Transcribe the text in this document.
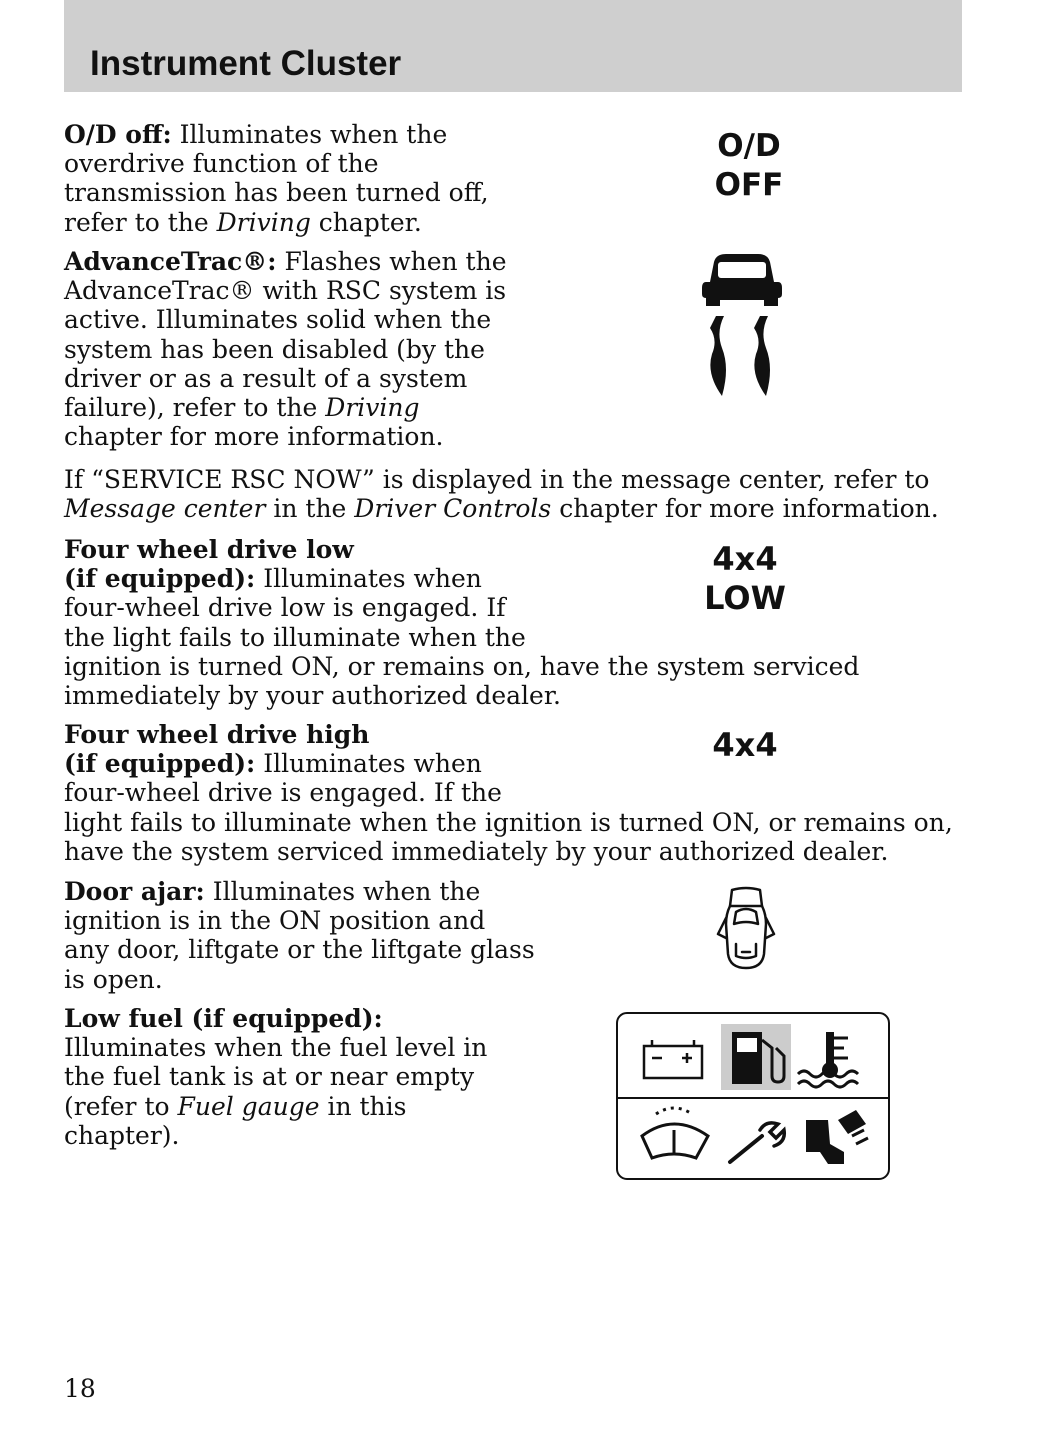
Instrument Cluster
O/D off: Illuminates when the
overdrive function of the
transmission has been turned off,
refer to the Driving chapter.
O/D
OFF
AdvanceTrac®: Flashes when the
AdvanceTrac® with RSC system is
active. Illuminates solid when the
system has been disabled (by the
driver or as a result of a system
failure), refer to the Driving
chapter for more information.
If “SERVICE RSC NOW” is displayed in the message center, refer to
Message center in the Driver Controls chapter for more information.
Four wheel drive low
(if equipped): Illuminates when
four-wheel drive low is engaged. If
the light fails to illuminate when the
ignition is turned ON, or remains on, have the system serviced
immediately by your authorized dealer.
4x4
LOW
Four wheel drive high
(if equipped): Illuminates when
four-wheel drive is engaged. If the
light fails to illuminate when the ignition is turned ON, or remains on,
have the system serviced immediately by your authorized dealer.
4x4
Door ajar: Illuminates when the
ignition is in the ON position and
any door, liftgate or the liftgate glass
is open.
Low fuel (if equipped):
Illuminates when the fuel level in
the fuel tank is at or near empty
(refer to Fuel gauge in this
chapter).
18
